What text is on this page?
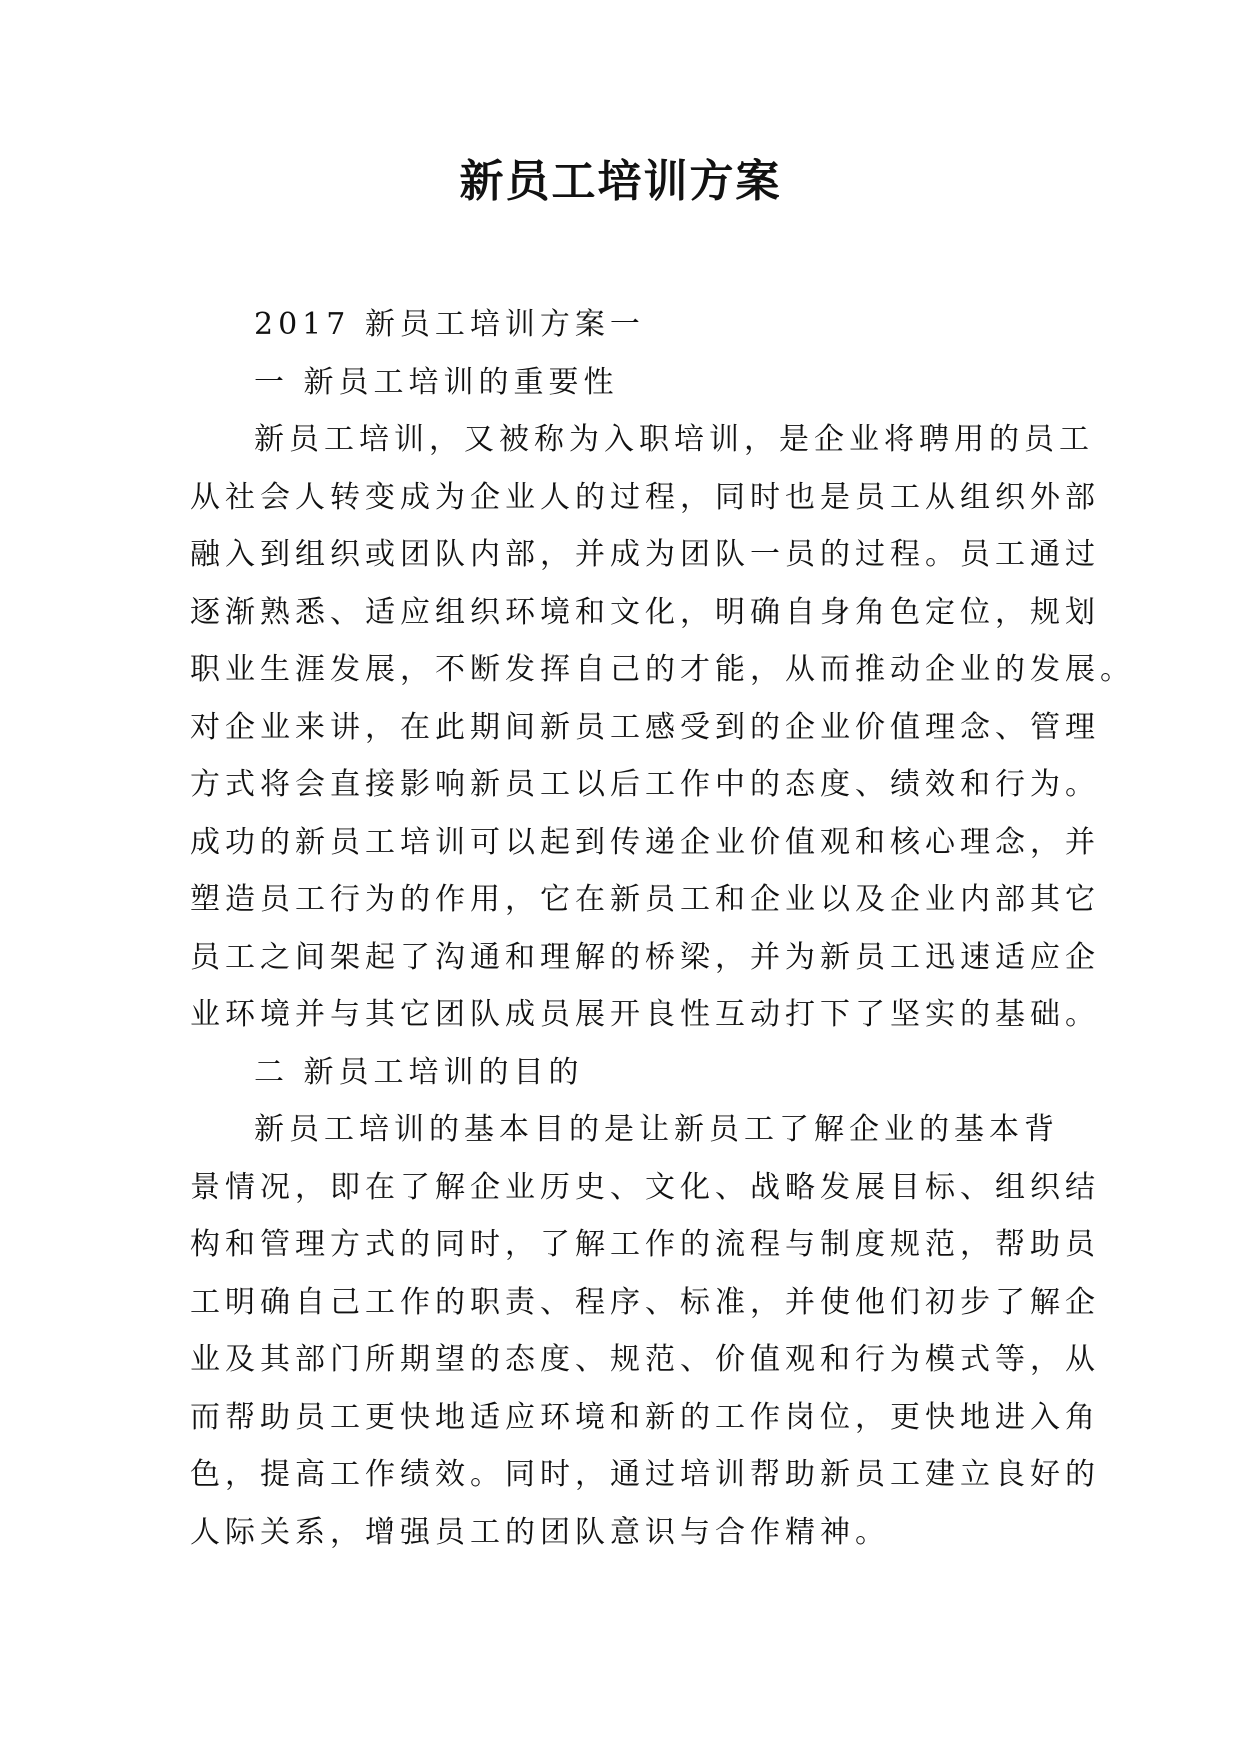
新员工培训方案
2017 新员工培训方案一
一 新员工培训的重要性
新员工培训，又被称为入职培训，是企业将聘用的员工
从社会人转变成为企业人的过程，同时也是员工从组织外部
融入到组织或团队内部，并成为团队一员的过程。员工通过
逐渐熟悉、适应组织环境和文化，明确自身角色定位，规划
职业生涯发展，不断发挥自己的才能，从而推动企业的发展。
对企业来讲，在此期间新员工感受到的企业价值理念、管理
方式将会直接影响新员工以后工作中的态度、绩效和行为。
成功的新员工培训可以起到传递企业价值观和核心理念，并
塑造员工行为的作用，它在新员工和企业以及企业内部其它
员工之间架起了沟通和理解的桥梁，并为新员工迅速适应企
业环境并与其它团队成员展开良性互动打下了坚实的基础。
二 新员工培训的目的
新员工培训的基本目的是让新员工了解企业的基本背
景情况，即在了解企业历史、文化、战略发展目标、组织结
构和管理方式的同时，了解工作的流程与制度规范，帮助员
工明确自己工作的职责、程序、标准，并使他们初步了解企
业及其部门所期望的态度、规范、价值观和行为模式等，从
而帮助员工更快地适应环境和新的工作岗位，更快地进入角
色，提高工作绩效。同时，通过培训帮助新员工建立良好的
人际关系，增强员工的团队意识与合作精神。
